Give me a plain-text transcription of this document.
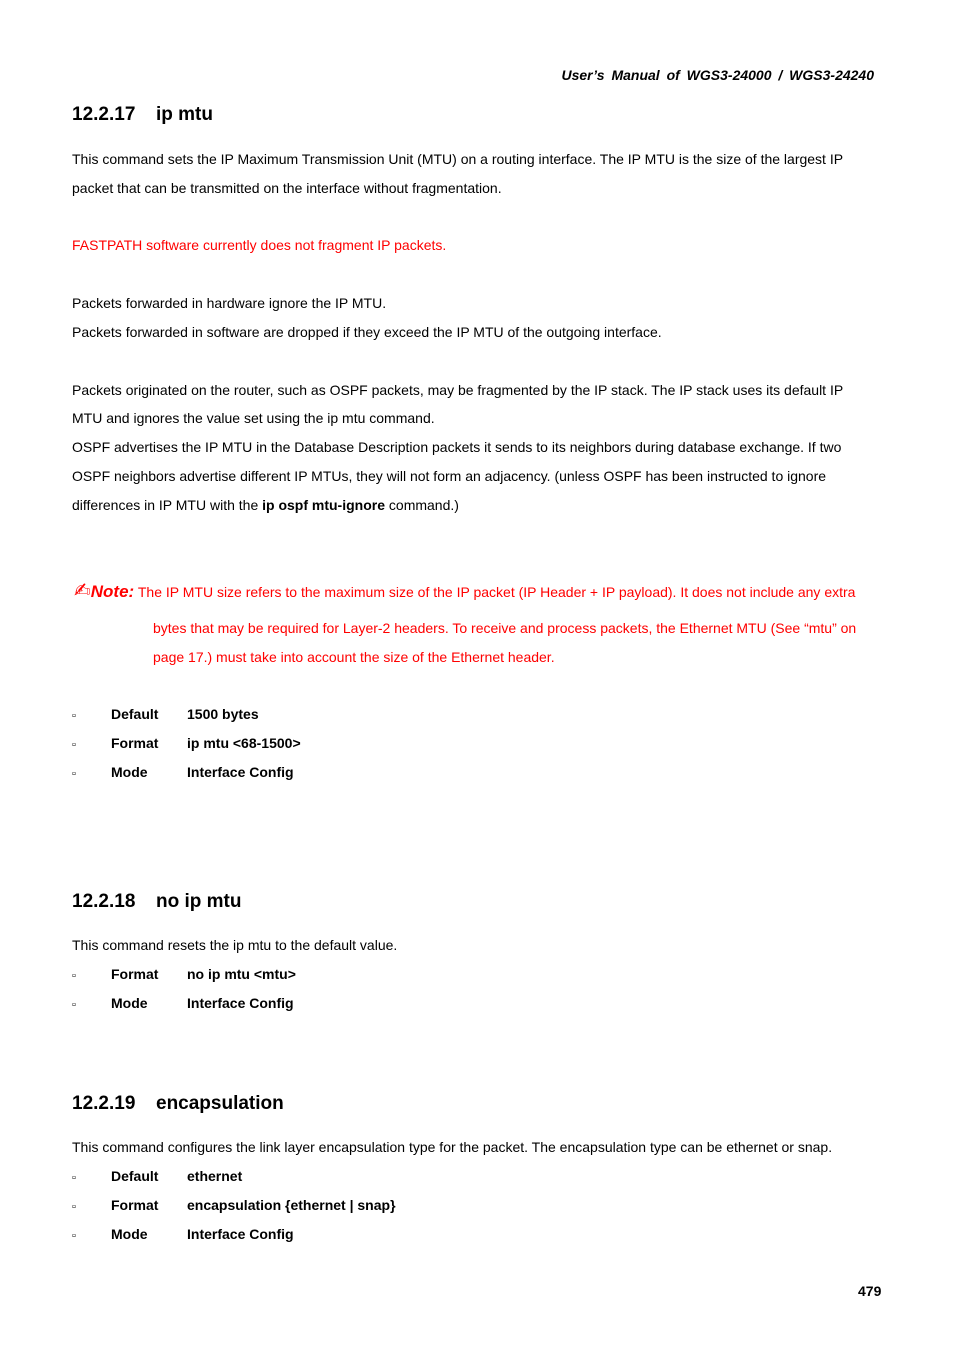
User’s Manual of WGS3-24000 / WGS3-24240
12.2.17 ip mtu
This command sets the IP Maximum Transmission Unit (MTU) on a routing interface. The IP MTU is the size of the largest IP
packet that can be transmitted on the interface without fragmentation.
FASTPATH software currently does not fragment IP packets.
Packets forwarded in hardware ignore the IP MTU.
Packets forwarded in software are dropped if they exceed the IP MTU of the outgoing interface.
Packets originated on the router, such as OSPF packets, may be fragmented by the IP stack. The IP stack uses its default IP
MTU and ignores the value set using the ip mtu command.
OSPF advertises the IP MTU in the Database Description packets it sends to its neighbors during database exchange. If two
OSPF neighbors advertise different IP MTUs, they will not form an adjacency. (unless OSPF has been instructed to ignore
differences in IP MTU with the ip ospf mtu-ignore command.)
✍Note: The IP MTU size refers to the maximum size of the IP packet (IP Header + IP payload). It does not include any extra
bytes that may be required for Layer-2 headers. To receive and process packets, the Ethernet MTU (See “mtu” on
page 17.) must take into account the size of the Ethernet header.
▫	Default 1500 bytes
▫	Format ip mtu <68-1500>
▫	Mode	Interface Config
12.2.18 no ip mtu
This command resets the ip mtu to the default value.
▫	Format no ip mtu <mtu>
▫	Mode	Interface Config
12.2.19 encapsulation
This command configures the link layer encapsulation type for the packet. The encapsulation type can be ethernet or snap.
▫	Default ethernet
▫	Format encapsulation {ethernet | snap}
▫	Mode	Interface Config
479
